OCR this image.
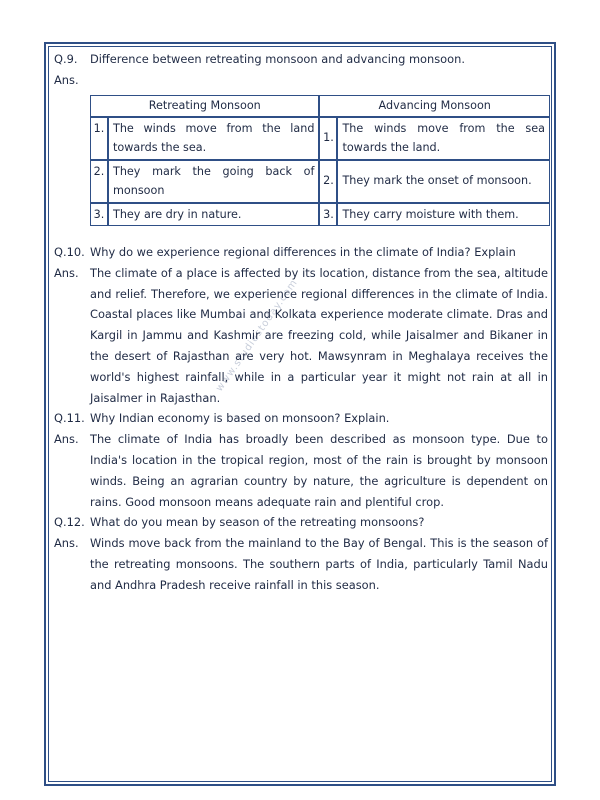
www.studiestoday.com
Q.9.	Difference between retreating monsoon and advancing monsoon.
Ans.
Retreating Monsoon		Advancing Monsoon	
1.	The winds move from the land towards the sea.	1.	The winds move from the sea towards the land.
2.	They mark the going back of monsoon	2.	They mark the onset of monsoon.
3.	They are dry in nature.	3.	They carry moisture with them.
Q.10. Why do we experience regional differences in the climate of India? Explain
Ans.	The climate of a place is affected by its location, distance from the sea, altitude and relief. Therefore, we experience regional differences in the climate of India. Coastal places like Mumbai and Kolkata experience moderate climate. Dras and Kargil in Jammu and Kashmir are freezing cold, while Jaisalmer and Bikaner in the desert of Rajasthan are very hot. Mawsynram in Meghalaya receives the world's highest rainfall, while in a particular year it might not rain at all in Jaisalmer in Rajasthan.
Q.11. Why Indian economy is based on monsoon? Explain.
Ans.	The climate of India has broadly been described as monsoon type. Due to India's location in the tropical region, most of the rain is brought by monsoon winds. Being an agrarian country by nature, the agriculture is dependent on rains. Good monsoon means adequate rain and plentiful crop.
Q.12. What do you mean by season of the retreating monsoons?
Ans.	Winds move back from the mainland to the Bay of Bengal. This is the season of the retreating monsoons. The southern parts of India, particularly Tamil Nadu and Andhra Pradesh receive rainfall in this season.
